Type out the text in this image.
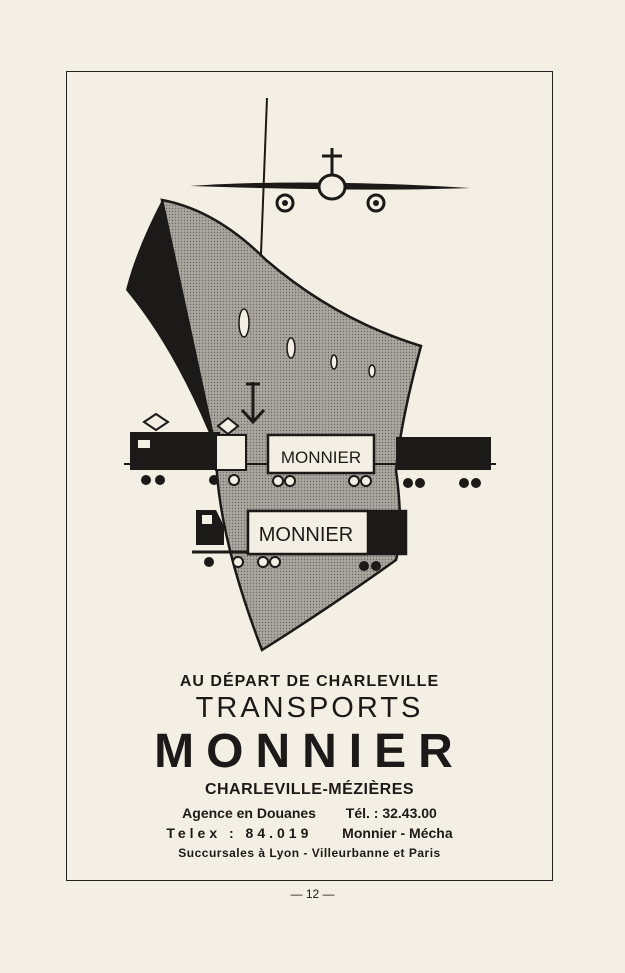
MONNIER
MONNIER
AU DÉPART DE CHARLEVILLE
TRANSPORTS
MONNIER
CHARLEVILLE-MÉZIÈRES
Agence en Douanes Tél. : 32.43.00
Telex : 84.019 Monnier - Mécha
Succursales à Lyon - Villeurbanne et Paris
— 12 —
